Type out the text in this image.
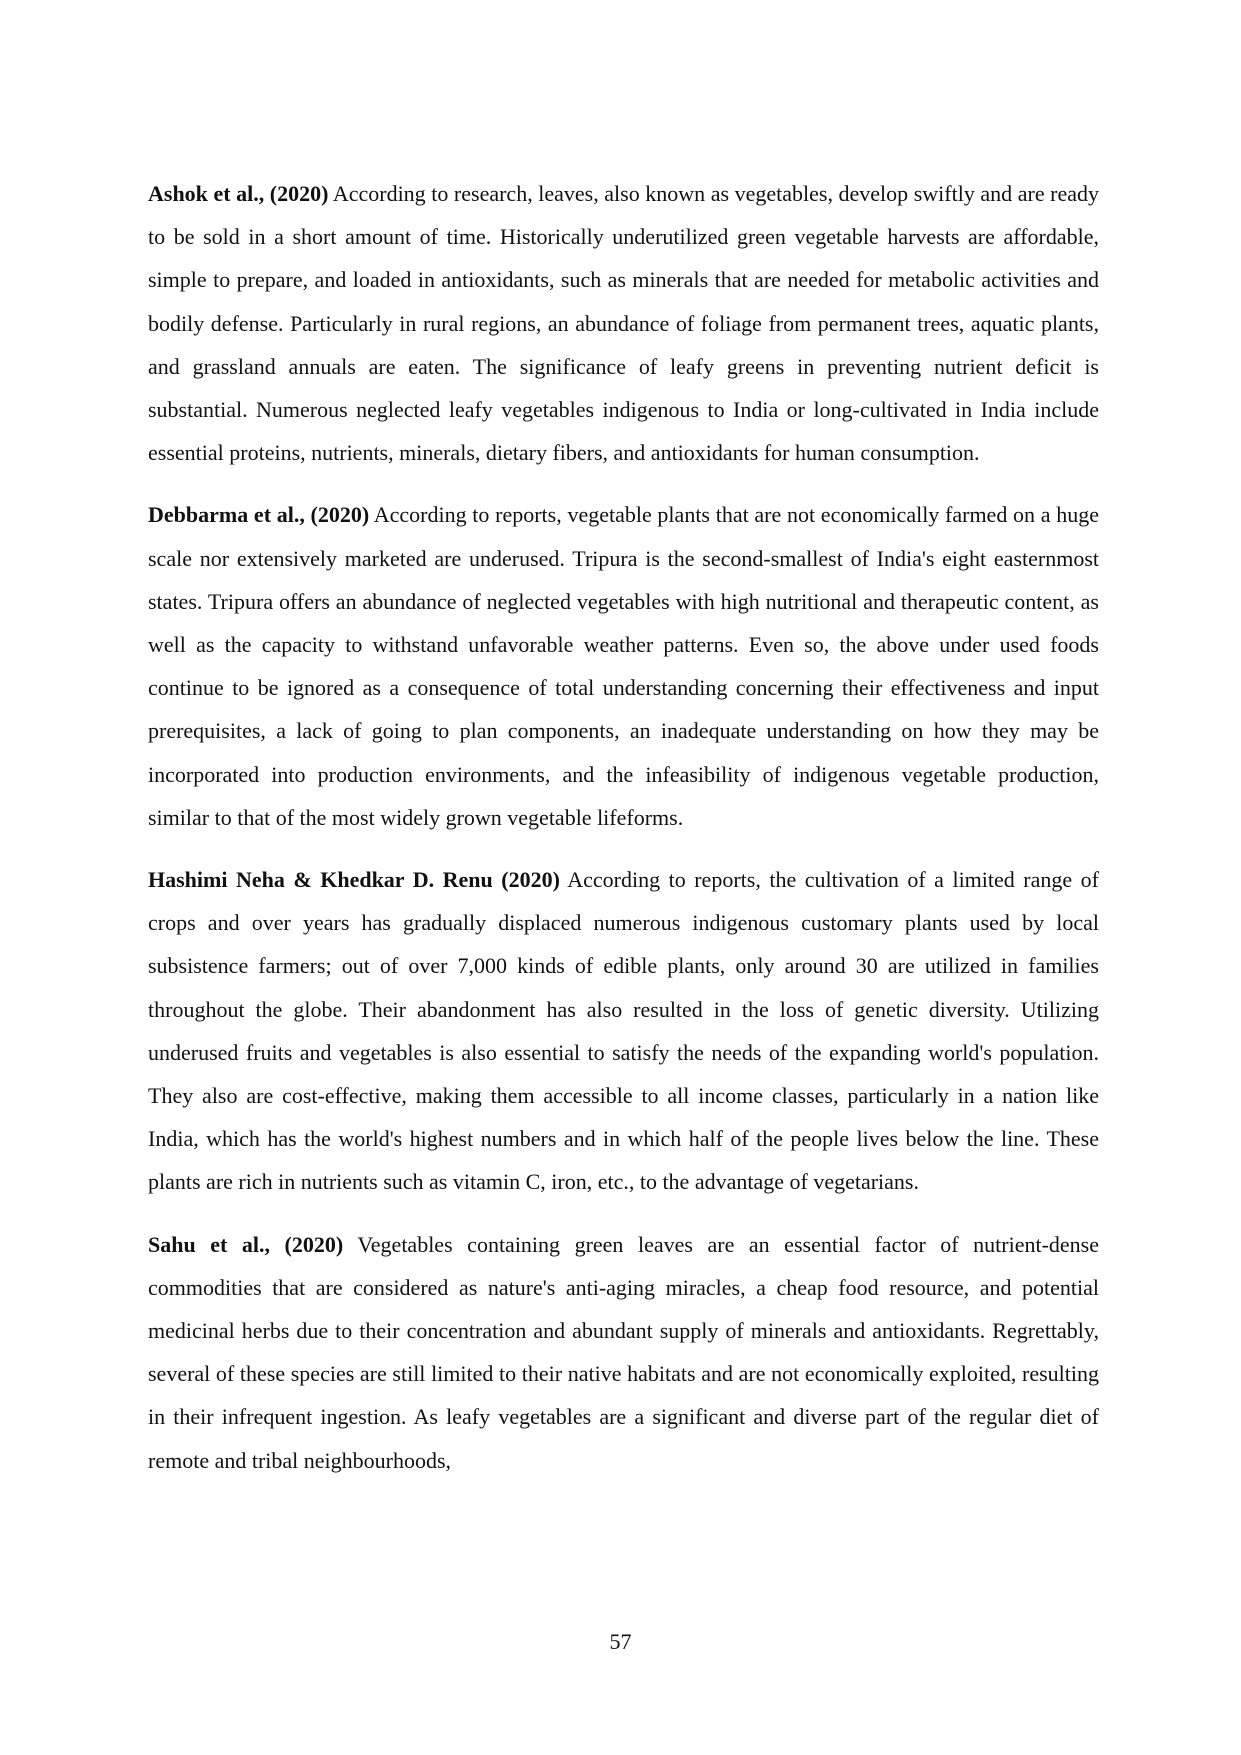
Ashok et al., (2020) According to research, leaves, also known as vegetables, develop swiftly and are ready to be sold in a short amount of time. Historically underutilized green vegetable harvests are affordable, simple to prepare, and loaded in antioxidants, such as minerals that are needed for metabolic activities and bodily defense. Particularly in rural regions, an abundance of foliage from permanent trees, aquatic plants, and grassland annuals are eaten. The significance of leafy greens in preventing nutrient deficit is substantial. Numerous neglected leafy vegetables indigenous to India or long-cultivated in India include essential proteins, nutrients, minerals, dietary fibers, and antioxidants for human consumption.

Debbarma et al., (2020) According to reports, vegetable plants that are not economically farmed on a huge scale nor extensively marketed are underused. Tripura is the second-smallest of India's eight easternmost states. Tripura offers an abundance of neglected vegetables with high nutritional and therapeutic content, as well as the capacity to withstand unfavorable weather patterns. Even so, the above under used foods continue to be ignored as a consequence of total understanding concerning their effectiveness and input prerequisites, a lack of going to plan components, an inadequate understanding on how they may be incorporated into production environments, and the infeasibility of indigenous vegetable production, similar to that of the most widely grown vegetable lifeforms.

Hashimi Neha & Khedkar D. Renu (2020) According to reports, the cultivation of a limited range of crops and over years has gradually displaced numerous indigenous customary plants used by local subsistence farmers; out of over 7,000 kinds of edible plants, only around 30 are utilized in families throughout the globe. Their abandonment has also resulted in the loss of genetic diversity. Utilizing underused fruits and vegetables is also essential to satisfy the needs of the expanding world's population. They also are cost-effective, making them accessible to all income classes, particularly in a nation like India, which has the world's highest numbers and in which half of the people lives below the line. These plants are rich in nutrients such as vitamin C, iron, etc., to the advantage of vegetarians.

Sahu et al., (2020) Vegetables containing green leaves are an essential factor of nutrient-dense commodities that are considered as nature's anti-aging miracles, a cheap food resource, and potential medicinal herbs due to their concentration and abundant supply of minerals and antioxidants. Regrettably, several of these species are still limited to their native habitats and are not economically exploited, resulting in their infrequent ingestion. As leafy vegetables are a significant and diverse part of the regular diet of remote and tribal neighbourhoods,

57
